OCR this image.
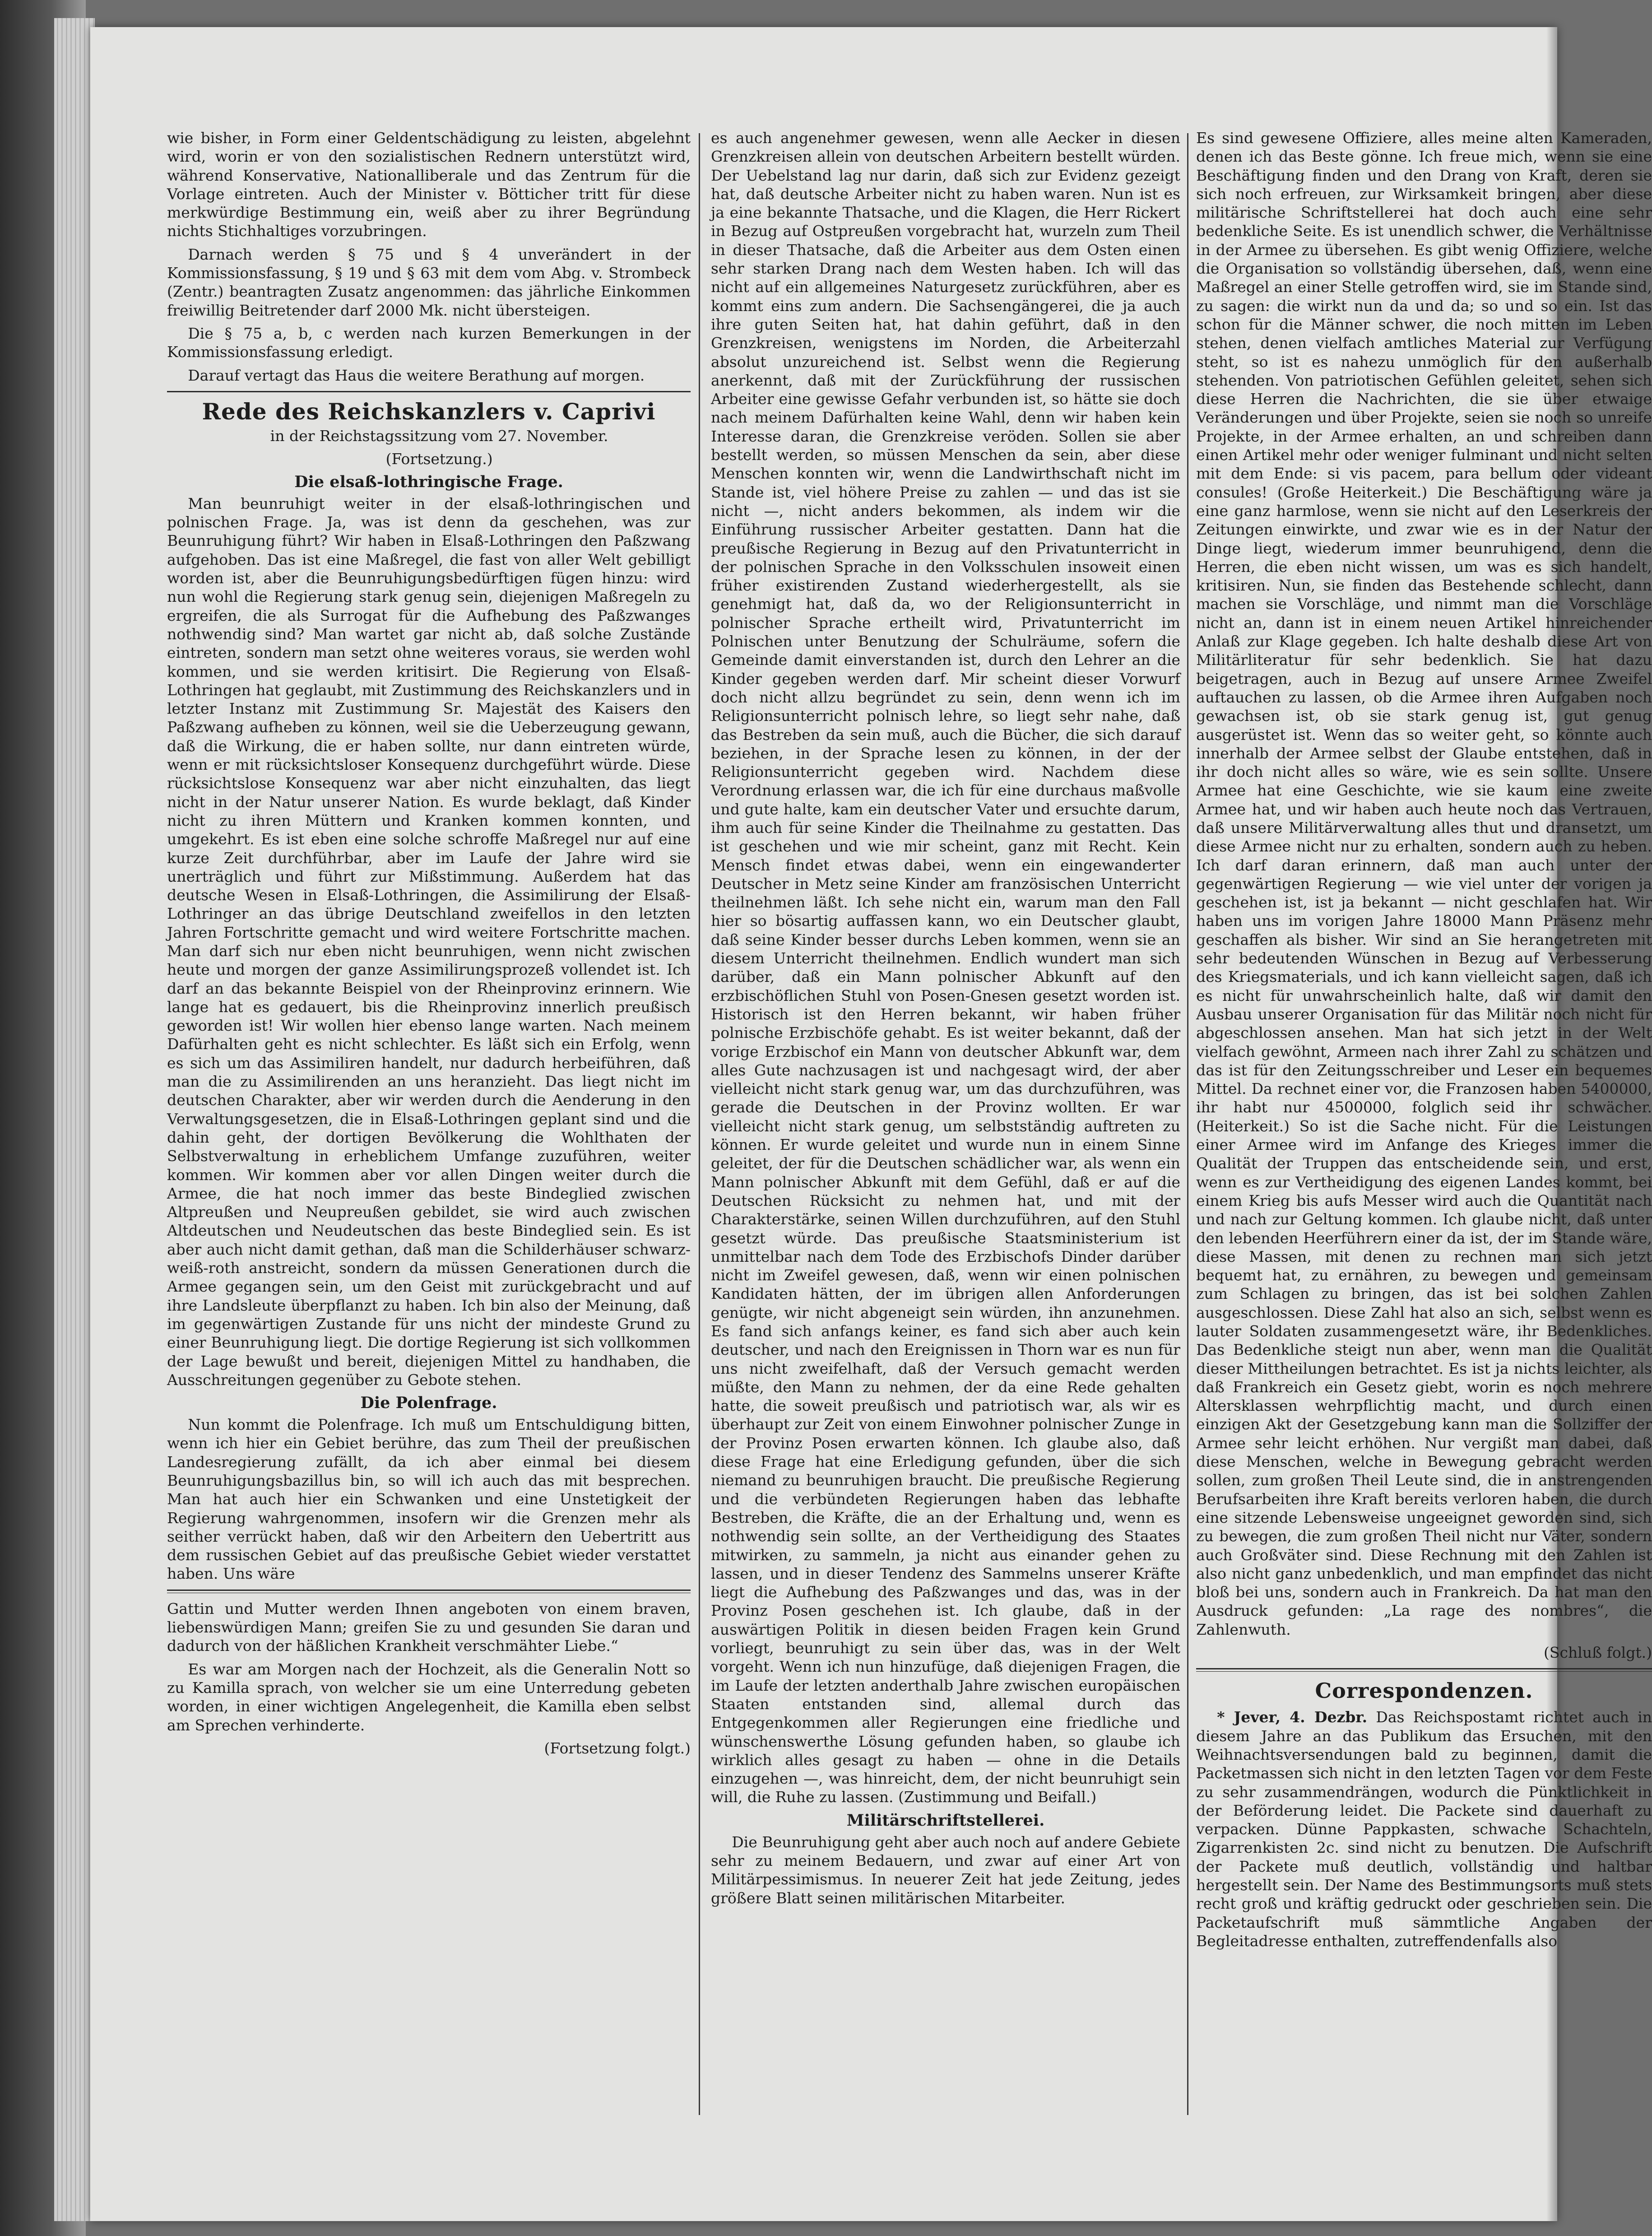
wie bisher, in Form einer Geldentschädigung zu leisten, abgelehnt wird, worin er von den sozialistischen Rednern unterstützt wird, während Konservative, Nationalliberale und das Zentrum für die Vorlage eintreten. Auch der Minister v. Bötticher tritt für diese merkwürdige Bestimmung ein, weiß aber zu ihrer Begründung nichts Stichhaltiges vorzubringen.

Darnach werden § 75 und § 4 unverändert in der Kommissionsfassung, § 19 und § 63 mit dem vom Abg. v. Strombeck (Zentr.) beantragten Zusatz angenommen: das jährliche Einkommen freiwillig Beitretender darf 2000 Mk. nicht übersteigen.

Die § 75 a, b, c werden nach kurzen Bemerkungen in der Kommissionsfassung erledigt.

Darauf vertagt das Haus die weitere Berathung auf morgen.

Rede des Reichskanzlers v. Caprivi

in der Reichstagssitzung vom 27. November.

(Fortsetzung.)

Die elsaß-lothringische Frage.

Man beunruhigt weiter in der elsaß-lothringischen und polnischen Frage. Ja, was ist denn da geschehen, was zur Beunruhigung führt? Wir haben in Elsaß-Lothringen den Paßzwang aufgehoben. Das ist eine Maßregel, die fast von aller Welt gebilligt worden ist, aber die Beunruhigungsbedürftigen fügen hinzu: wird nun wohl die Regierung stark genug sein, diejenigen Maßregeln zu ergreifen, die als Surrogat für die Aufhebung des Paßzwanges nothwendig sind? Man wartet gar nicht ab, daß solche Zustände eintreten, sondern man setzt ohne weiteres voraus, sie werden wohl kommen, und sie werden kritisirt. Die Regierung von Elsaß-Lothringen hat geglaubt, mit Zustimmung des Reichskanzlers und in letzter Instanz mit Zustimmung Sr. Majestät des Kaisers den Paßzwang aufheben zu können, weil sie die Ueberzeugung gewann, daß die Wirkung, die er haben sollte, nur dann eintreten würde, wenn er mit rücksichtsloser Konsequenz durchgeführt würde. Diese rücksichtslose Konsequenz war aber nicht einzuhalten, das liegt nicht in der Natur unserer Nation. Es wurde beklagt, daß Kinder nicht zu ihren Müttern und Kranken kommen konnten, und umgekehrt. Es ist eben eine solche schroffe Maßregel nur auf eine kurze Zeit durchführbar, aber im Laufe der Jahre wird sie unerträglich und führt zur Mißstimmung. Außerdem hat das deutsche Wesen in Elsaß-Lothringen, die Assimilirung der Elsaß-Lothringer an das übrige Deutschland zweifellos in den letzten Jahren Fortschritte gemacht und wird weitere Fortschritte machen. Man darf sich nur eben nicht beunruhigen, wenn nicht zwischen heute und morgen der ganze Assimilirungsprozeß vollendet ist. Ich darf an das bekannte Beispiel von der Rheinprovinz erinnern. Wie lange hat es gedauert, bis die Rheinprovinz innerlich preußisch geworden ist! Wir wollen hier ebenso lange warten. Nach meinem Dafürhalten geht es nicht schlechter. Es läßt sich ein Erfolg, wenn es sich um das Assimiliren handelt, nur dadurch herbeiführen, daß man die zu Assimilirenden an uns heranzieht. Das liegt nicht im deutschen Charakter, aber wir werden durch die Aenderung in den Verwaltungsgesetzen, die in Elsaß-Lothringen geplant sind und die dahin geht, der dortigen Bevölkerung die Wohlthaten der Selbstverwaltung in erheblichem Umfange zuzuführen, weiter kommen. Wir kommen aber vor allen Dingen weiter durch die Armee, die hat noch immer das beste Bindeglied zwischen Altpreußen und Neupreußen gebildet, sie wird auch zwischen Altdeutschen und Neudeutschen das beste Bindeglied sein. Es ist aber auch nicht damit gethan, daß man die Schilderhäuser schwarz-weiß-roth anstreicht, sondern da müssen Generationen durch die Armee gegangen sein, um den Geist mit zurückgebracht und auf ihre Landsleute überpflanzt zu haben. Ich bin also der Meinung, daß im gegenwärtigen Zustande für uns nicht der mindeste Grund zu einer Beunruhigung liegt. Die dortige Regierung ist sich vollkommen der Lage bewußt und bereit, diejenigen Mittel zu handhaben, die Ausschreitungen gegenüber zu Gebote stehen.

Die Polenfrage.

Nun kommt die Polenfrage. Ich muß um Entschuldigung bitten, wenn ich hier ein Gebiet berühre, das zum Theil der preußischen Landesregierung zufällt, da ich aber einmal bei diesem Beunruhigungsbazillus bin, so will ich auch das mit besprechen. Man hat auch hier ein Schwanken und eine Unstetigkeit der Regierung wahrgenommen, insofern wir die Grenzen mehr als seither verrückt haben, daß wir den Arbeitern den Uebertritt aus dem russischen Gebiet auf das preußische Gebiet wieder verstattet haben. Uns wäre

Gattin und Mutter werden Ihnen angeboten von einem braven, liebenswürdigen Mann; greifen Sie zu und gesunden Sie daran und dadurch von der häßlichen Krankheit verschmähter Liebe.“

Es war am Morgen nach der Hochzeit, als die Generalin Nott so zu Kamilla sprach, von welcher sie um eine Unterredung gebeten worden, in einer wichtigen Angelegenheit, die Kamilla eben selbst am Sprechen verhinderte.

(Fortsetzung folgt.)

es auch angenehmer gewesen, wenn alle Aecker in diesen Grenzkreisen allein von deutschen Arbeitern bestellt würden. Der Uebelstand lag nur darin, daß sich zur Evidenz gezeigt hat, daß deutsche Arbeiter nicht zu haben waren. Nun ist es ja eine bekannte Thatsache, und die Klagen, die Herr Rickert in Bezug auf Ostpreußen vorgebracht hat, wurzeln zum Theil in dieser Thatsache, daß die Arbeiter aus dem Osten einen sehr starken Drang nach dem Westen haben. Ich will das nicht auf ein allgemeines Naturgesetz zurückführen, aber es kommt eins zum andern. Die Sachsengängerei, die ja auch ihre guten Seiten hat, hat dahin geführt, daß in den Grenzkreisen, wenigstens im Norden, die Arbeiterzahl absolut unzureichend ist. Selbst wenn die Regierung anerkennt, daß mit der Zurückführung der russischen Arbeiter eine gewisse Gefahr verbunden ist, so hätte sie doch nach meinem Dafürhalten keine Wahl, denn wir haben kein Interesse daran, die Grenzkreise veröden. Sollen sie aber bestellt werden, so müssen Menschen da sein, aber diese Menschen konnten wir, wenn die Landwirthschaft nicht im Stande ist, viel höhere Preise zu zahlen — und das ist sie nicht —, nicht anders bekommen, als indem wir die Einführung russischer Arbeiter gestatten. Dann hat die preußische Regierung in Bezug auf den Privatunterricht in der polnischen Sprache in den Volksschulen insoweit einen früher existirenden Zustand wiederhergestellt, als sie genehmigt hat, daß da, wo der Religionsunterricht in polnischer Sprache ertheilt wird, Privatunterricht im Polnischen unter Benutzung der Schulräume, sofern die Gemeinde damit einverstanden ist, durch den Lehrer an die Kinder gegeben werden darf. Mir scheint dieser Vorwurf doch nicht allzu begründet zu sein, denn wenn ich im Religionsunterricht polnisch lehre, so liegt sehr nahe, daß das Bestreben da sein muß, auch die Bücher, die sich darauf beziehen, in der Sprache lesen zu können, in der der Religionsunterricht gegeben wird. Nachdem diese Verordnung erlassen war, die ich für eine durchaus maßvolle und gute halte, kam ein deutscher Vater und ersuchte darum, ihm auch für seine Kinder die Theilnahme zu gestatten. Das ist geschehen und wie mir scheint, ganz mit Recht. Kein Mensch findet etwas dabei, wenn ein eingewanderter Deutscher in Metz seine Kinder am französischen Unterricht theilnehmen läßt. Ich sehe nicht ein, warum man den Fall hier so bösartig auffassen kann, wo ein Deutscher glaubt, daß seine Kinder besser durchs Leben kommen, wenn sie an diesem Unterricht theilnehmen. Endlich wundert man sich darüber, daß ein Mann polnischer Abkunft auf den erzbischöflichen Stuhl von Posen-Gnesen gesetzt worden ist. Historisch ist den Herren bekannt, wir haben früher polnische Erzbischöfe gehabt. Es ist weiter bekannt, daß der vorige Erzbischof ein Mann von deutscher Abkunft war, dem alles Gute nachzusagen ist und nachgesagt wird, der aber vielleicht nicht stark genug war, um das durchzuführen, was gerade die Deutschen in der Provinz wollten. Er war vielleicht nicht stark genug, um selbstständig auftreten zu können. Er wurde geleitet und wurde nun in einem Sinne geleitet, der für die Deutschen schädlicher war, als wenn ein Mann polnischer Abkunft mit dem Gefühl, daß er auf die Deutschen Rücksicht zu nehmen hat, und mit der Charakterstärke, seinen Willen durchzuführen, auf den Stuhl gesetzt würde. Das preußische Staatsministerium ist unmittelbar nach dem Tode des Erzbischofs Dinder darüber nicht im Zweifel gewesen, daß, wenn wir einen polnischen Kandidaten hätten, der im übrigen allen Anforderungen genügte, wir nicht abgeneigt sein würden, ihn anzunehmen. Es fand sich anfangs keiner, es fand sich aber auch kein deutscher, und nach den Ereignissen in Thorn war es nun für uns nicht zweifelhaft, daß der Versuch gemacht werden müßte, den Mann zu nehmen, der da eine Rede gehalten hatte, die soweit preußisch und patriotisch war, als wir es überhaupt zur Zeit von einem Einwohner polnischer Zunge in der Provinz Posen erwarten können. Ich glaube also, daß diese Frage hat eine Erledigung gefunden, über die sich niemand zu beunruhigen braucht. Die preußische Regierung und die verbündeten Regierungen haben das lebhafte Bestreben, die Kräfte, die an der Erhaltung und, wenn es nothwendig sein sollte, an der Vertheidigung des Staates mitwirken, zu sammeln, ja nicht aus einander gehen zu lassen, und in dieser Tendenz des Sammelns unserer Kräfte liegt die Aufhebung des Paßzwanges und das, was in der Provinz Posen geschehen ist. Ich glaube, daß in der auswärtigen Politik in diesen beiden Fragen kein Grund vorliegt, beunruhigt zu sein über das, was in der Welt vorgeht. Wenn ich nun hinzufüge, daß diejenigen Fragen, die im Laufe der letzten anderthalb Jahre zwischen europäischen Staaten entstanden sind, allemal durch das Entgegenkommen aller Regierungen eine friedliche und wünschenswerthe Lösung gefunden haben, so glaube ich wirklich alles gesagt zu haben — ohne in die Details einzugehen —, was hinreicht, dem, der nicht beunruhigt sein will, die Ruhe zu lassen. (Zustimmung und Beifall.)

Militärschriftstellerei.

Die Beunruhigung geht aber auch noch auf andere Gebiete sehr zu meinem Bedauern, und zwar auf einer Art von Militärpessimismus. In neuerer Zeit hat jede Zeitung, jedes größere Blatt seinen militärischen Mitarbeiter.

Es sind gewesene Offiziere, alles meine alten Kameraden, denen ich das Beste gönne. Ich freue mich, wenn sie eine Beschäftigung finden und den Drang von Kraft, deren sie sich noch erfreuen, zur Wirksamkeit bringen, aber diese militärische Schriftstellerei hat doch auch eine sehr bedenkliche Seite. Es ist unendlich schwer, die Verhältnisse in der Armee zu übersehen. Es gibt wenig Offiziere, welche die Organisation so vollständig übersehen, daß, wenn eine Maßregel an einer Stelle getroffen wird, sie im Stande sind, zu sagen: die wirkt nun da und da; so und so ein. Ist das schon für die Männer schwer, die noch mitten im Leben stehen, denen vielfach amtliches Material zur Verfügung steht, so ist es nahezu unmöglich für den außerhalb stehenden. Von patriotischen Gefühlen geleitet, sehen sich diese Herren die Nachrichten, die sie über etwaige Veränderungen und über Projekte, seien sie noch so unreife Projekte, in der Armee erhalten, an und schreiben dann einen Artikel mehr oder weniger fulminant und nicht selten mit dem Ende: si vis pacem, para bellum oder videant consules! (Große Heiterkeit.) Die Beschäftigung wäre ja eine ganz harmlose, wenn sie nicht auf den Leserkreis der Zeitungen einwirkte, und zwar wie es in der Natur der Dinge liegt, wiederum immer beunruhigend, denn die Herren, die eben nicht wissen, um was es sich handelt, kritisiren. Nun, sie finden das Bestehende schlecht, dann machen sie Vorschläge, und nimmt man die Vorschläge nicht an, dann ist in einem neuen Artikel hinreichender Anlaß zur Klage gegeben. Ich halte deshalb diese Art von Militärliteratur für sehr bedenklich. Sie hat dazu beigetragen, auch in Bezug auf unsere Armee Zweifel auftauchen zu lassen, ob die Armee ihren Aufgaben noch gewachsen ist, ob sie stark genug ist, gut genug ausgerüstet ist. Wenn das so weiter geht, so könnte auch innerhalb der Armee selbst der Glaube entstehen, daß in ihr doch nicht alles so wäre, wie es sein sollte. Unsere Armee hat eine Geschichte, wie sie kaum eine zweite Armee hat, und wir haben auch heute noch das Vertrauen, daß unsere Militärverwaltung alles thut und dransetzt, um diese Armee nicht nur zu erhalten, sondern auch zu heben. Ich darf daran erinnern, daß man auch unter der gegenwärtigen Regierung — wie viel unter der vorigen ja geschehen ist, ist ja bekannt — nicht geschlafen hat. Wir haben uns im vorigen Jahre 18000 Mann Präsenz mehr geschaffen als bisher. Wir sind an Sie herangetreten mit sehr bedeutenden Wünschen in Bezug auf Verbesserung des Kriegsmaterials, und ich kann vielleicht sagen, daß ich es nicht für unwahrscheinlich halte, daß wir damit den Ausbau unserer Organisation für das Militär noch nicht für abgeschlossen ansehen. Man hat sich jetzt in der Welt vielfach gewöhnt, Armeen nach ihrer Zahl zu schätzen und das ist für den Zeitungsschreiber und Leser ein bequemes Mittel. Da rechnet einer vor, die Franzosen haben 5400000, ihr habt nur 4500000, folglich seid ihr schwächer. (Heiterkeit.) So ist die Sache nicht. Für die Leistungen einer Armee wird im Anfange des Krieges immer die Qualität der Truppen das entscheidende sein, und erst, wenn es zur Vertheidigung des eigenen Landes kommt, bei einem Krieg bis aufs Messer wird auch die Quantität nach und nach zur Geltung kommen. Ich glaube nicht, daß unter den lebenden Heerführern einer da ist, der im Stande wäre, diese Massen, mit denen zu rechnen man sich jetzt bequemt hat, zu ernähren, zu bewegen und gemeinsam zum Schlagen zu bringen, das ist bei solchen Zahlen ausgeschlossen. Diese Zahl hat also an sich, selbst wenn es lauter Soldaten zusammengesetzt wäre, ihr Bedenkliches. Das Bedenkliche steigt nun aber, wenn man die Qualität dieser Mittheilungen betrachtet. Es ist ja nichts leichter, als daß Frankreich ein Gesetz giebt, worin es noch mehrere Altersklassen wehrpflichtig macht, und durch einen einzigen Akt der Gesetzgebung kann man die Sollziffer der Armee sehr leicht erhöhen. Nur vergißt man dabei, daß diese Menschen, welche in Bewegung gebracht werden sollen, zum großen Theil Leute sind, die in anstrengenden Berufsarbeiten ihre Kraft bereits verloren haben, die durch eine sitzende Lebensweise ungeeignet geworden sind, sich zu bewegen, die zum großen Theil nicht nur Väter, sondern auch Großväter sind. Diese Rechnung mit den Zahlen ist also nicht ganz unbedenklich, und man empfindet das nicht bloß bei uns, sondern auch in Frankreich. Da hat man den Ausdruck gefunden: „La rage des nombres“, die Zahlenwuth.

(Schluß folgt.)

Correspondenzen.

* Jever, 4. Dezbr. Das Reichspostamt richtet auch in diesem Jahre an das Publikum das Ersuchen, mit den Weihnachtsversendungen bald zu beginnen, damit die Packetmassen sich nicht in den letzten Tagen vor dem Feste zu sehr zusammendrängen, wodurch die Pünktlichkeit in der Beförderung leidet. Die Packete sind dauerhaft zu verpacken. Dünne Pappkasten, schwache Schachteln, Zigarrenkisten 2c. sind nicht zu benutzen. Die Aufschrift der Packete muß deutlich, vollständig und haltbar hergestellt sein. Der Name des Bestimmungsorts muß stets recht groß und kräftig gedruckt oder geschrieben sein. Die Packetaufschrift muß sämmtliche Angaben der Begleitadresse enthalten, zutreffendenfalls also
